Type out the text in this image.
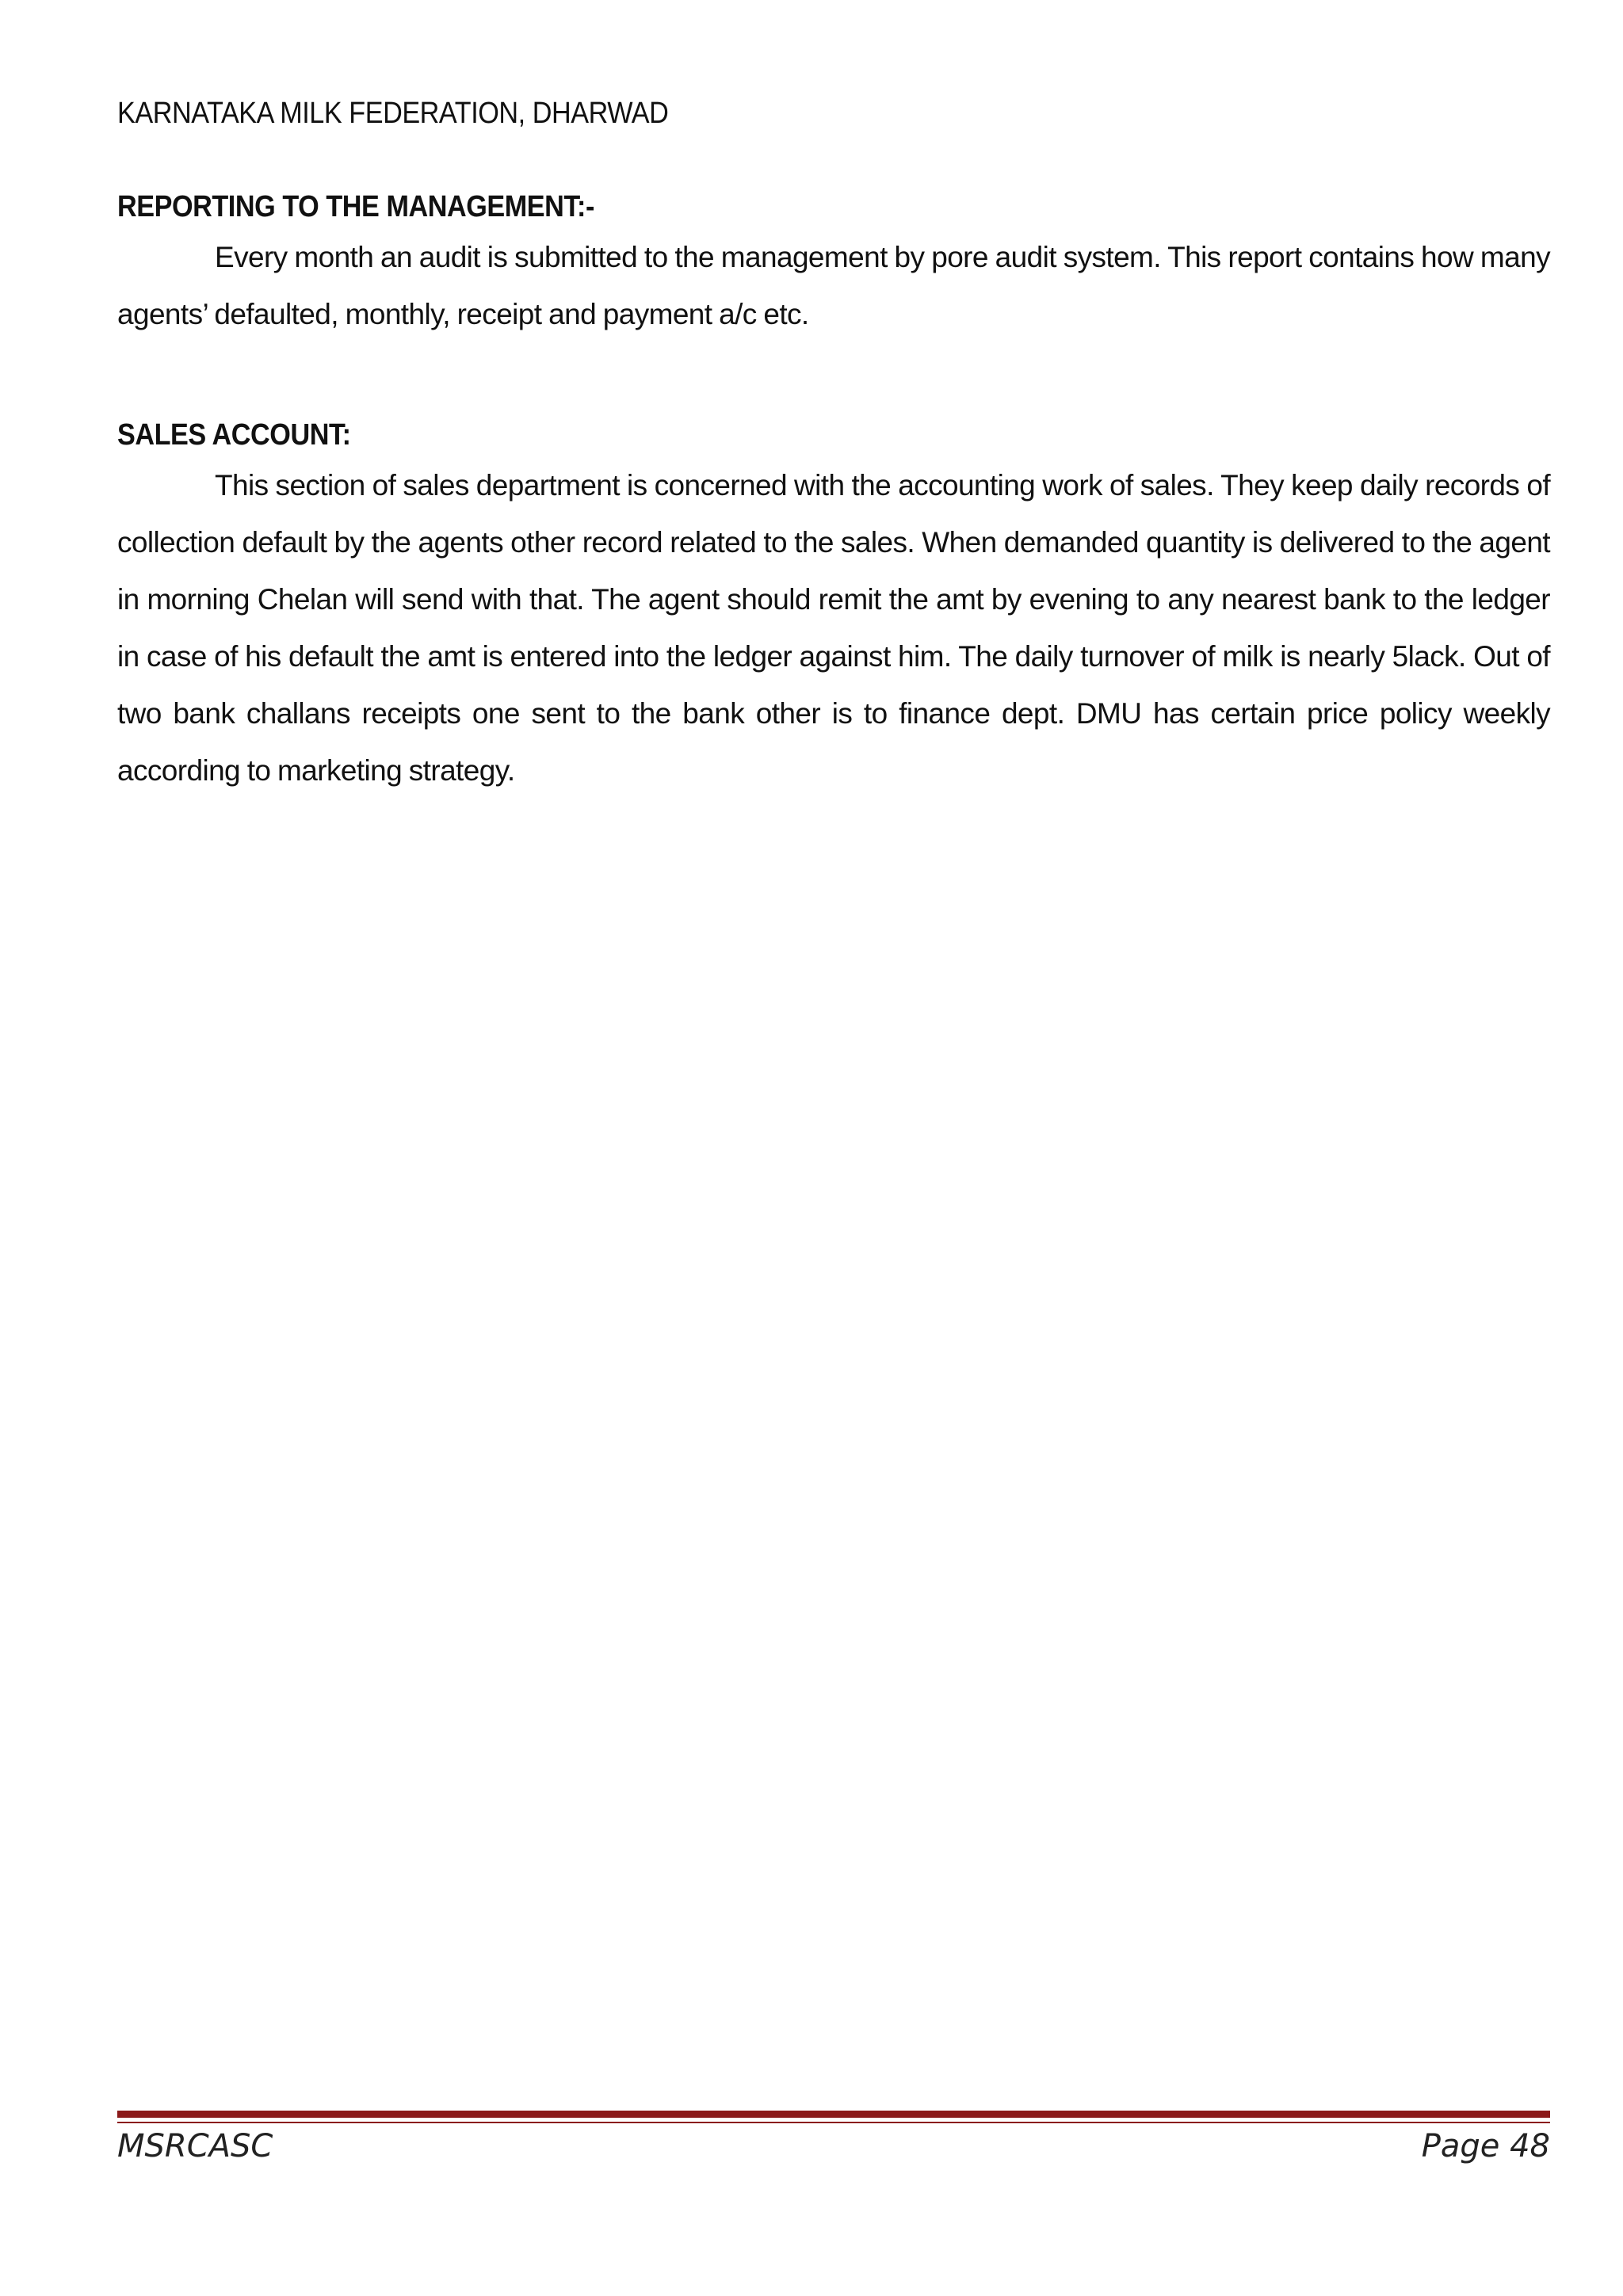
KARNATAKA MILK FEDERATION, DHARWAD
REPORTING TO THE MANAGEMENT:-

Every month an audit is submitted to the management by pore audit system. This report contains how many agents’ defaulted, monthly, receipt and payment a/c etc.

SALES ACCOUNT:

This section of sales department is concerned with the accounting work of sales. They keep daily records of collection default by the agents other record related to the sales. When demanded quantity is delivered to the agent in morning Chelan will send with that. The agent should remit the amt by evening to any nearest bank to the ledger in case of his default the amt is entered into the ledger against him. The daily turnover of milk is nearly 5lack. Out of two bank challans receipts one sent to the bank other is to finance dept. DMU has certain price policy weekly according to marketing strategy.

MSRCASC	Page 48
